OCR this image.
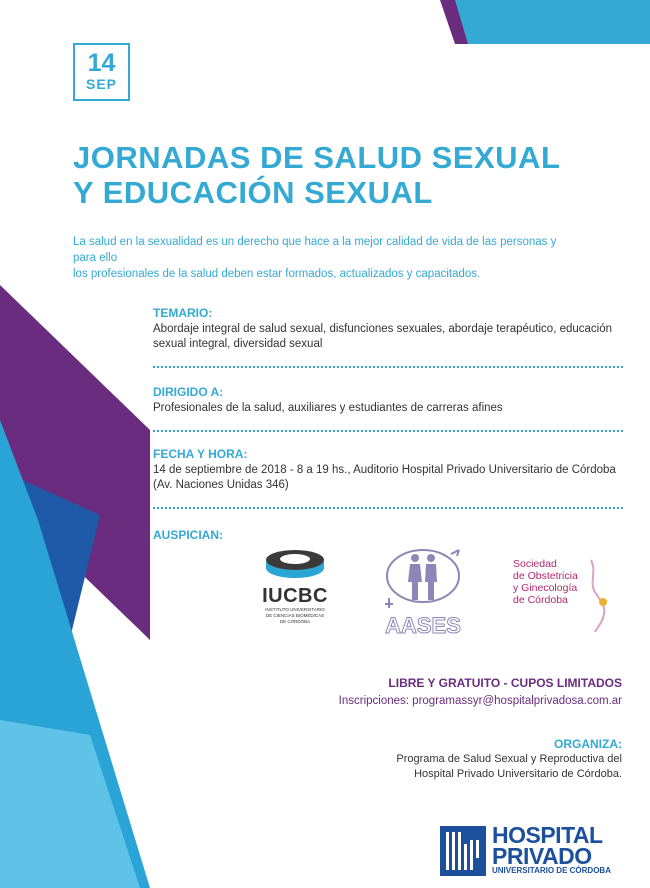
14
SEP
JORNADAS DE SALUD SEXUAL
Y EDUCACIÓN SEXUAL
La salud en la sexualidad es un derecho que hace a la mejor calidad de vida de las personas y para ello
los profesionales de la salud deben estar formados, actualizados y capacitados.
TEMARIO:
Abordaje integral de salud sexual, disfunciones sexuales, abordaje terapéutico, educación
sexual integral, diversidad sexual
DIRIGIDO A:
Profesionales de la salud, auxiliares y estudiantes de carreras afines
FECHA Y HORA:
14 de septiembre de 2018 - 8 a 19 hs., Auditorio Hospital Privado Universitario de Córdoba
(Av. Naciones Unidas 346)
AUSPICIAN:
IUCBC
INSTITUTO UNIVERSITARIO
DE CIENCIAS BIOMÉDICAS
DE CÓRDOBA	AASES
Sociedad
de Obstetricia
y Ginecología
de Córdoba
LIBRE Y GRATUITO - CUPOS LIMITADOS
Inscripciones: programassyr@hospitalprivadosa.com.ar
ORGANIZA:
Programa de Salud Sexual y Reproductiva del
Hospital Privado Universitario de Córdoba.
HOSPITAL
PRIVADO
UNIVERSITARIO DE CÓRDOBA
